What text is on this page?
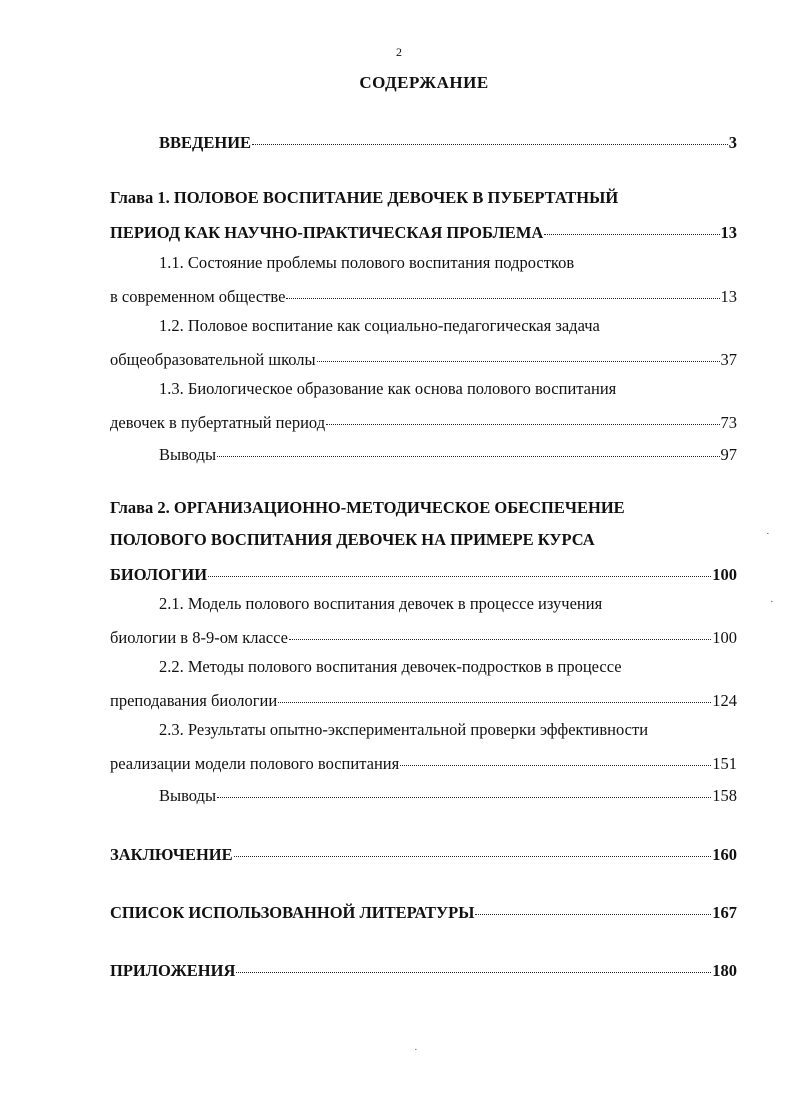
2
СОДЕРЖАНИЕ
ВВЕДЕНИЕ	3
Глава 1. ПОЛОВОЕ ВОСПИТАНИЕ ДЕВОЧЕК В ПУБЕРТАТНЫЙ
ПЕРИОД КАК НАУЧНО-ПРАКТИЧЕСКАЯ ПРОБЛЕМА	13
1.1. Состояние проблемы полового воспитания подростков
в современном обществе	13
1.2. Половое воспитание как социально-педагогическая задача
общеобразовательной школы	37
1.3. Биологическое образование как основа полового воспитания
девочек в пубертатный период	73
Выводы	97
Глава 2. ОРГАНИЗАЦИОННО-МЕТОДИЧЕСКОЕ ОБЕСПЕЧЕНИЕ
ПОЛОВОГО ВОСПИТАНИЯ ДЕВОЧЕК НА ПРИМЕРЕ КУРСА
БИОЛОГИИ	100
2.1. Модель полового воспитания девочек в процессе изучения
биологии в 8-9-ом классе	100
2.2. Методы полового воспитания девочек-подростков в процессе
преподавания биологии	124
2.3. Результаты опытно-экспериментальной проверки эффективности
реализации модели полового воспитания	151
Выводы	158
ЗАКЛЮЧЕНИЕ	160
СПИСОК ИСПОЛЬЗОВАННОЙ ЛИТЕРАТУРЫ	167
ПРИЛОЖЕНИЯ	180
·
·
·
